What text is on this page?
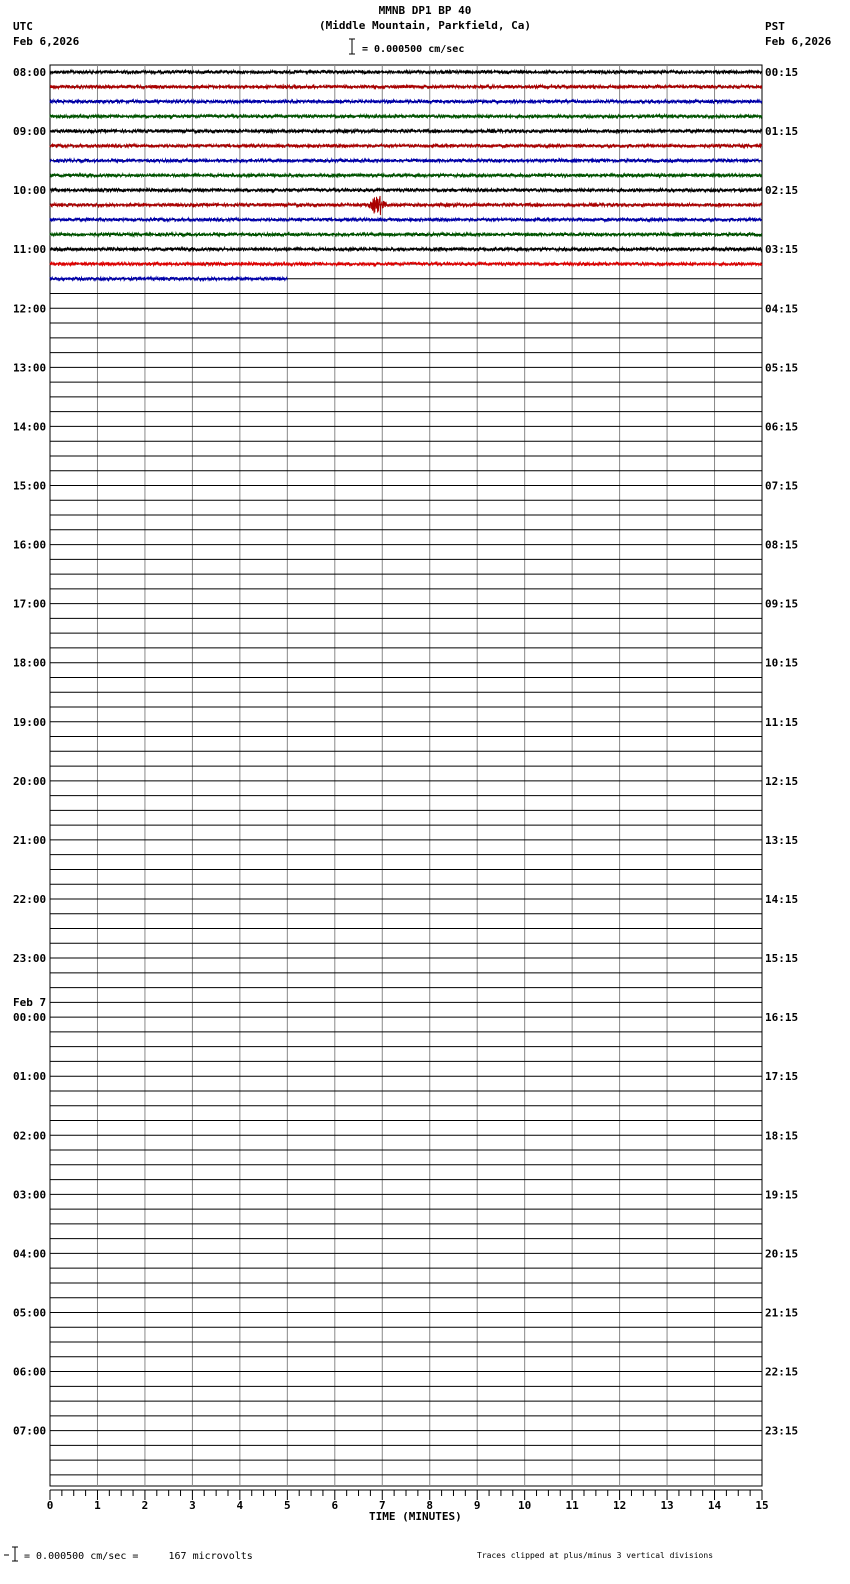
MMNB DP1 BP 40
(Middle Mountain, Parkfield, Ca)
= 0.000500 cm/sec
UTC
Feb 6,2026
PST
Feb 6,2026
08:00
09:00
10:00
11:00
12:00
13:00
14:00
15:00
16:00
17:00
18:00
19:00
20:00
21:00
22:00
23:00
00:00
01:00
02:00
03:00
04:00
05:00
06:00
07:00
00:15
01:15
02:15
03:15
04:15
05:15
06:15
07:15
08:15
09:15
10:15
11:15
12:15
13:15
14:15
15:15
16:15
17:15
18:15
19:15
20:15
21:15
22:15
23:15
Feb 7
0	1	2	3	4	5	6	7	8	9	10	11	12	13	14	15
TIME (MINUTES)
= 0.000500 cm/sec =     167 microvolts	Traces clipped at plus/minus 3 vertical divisions
